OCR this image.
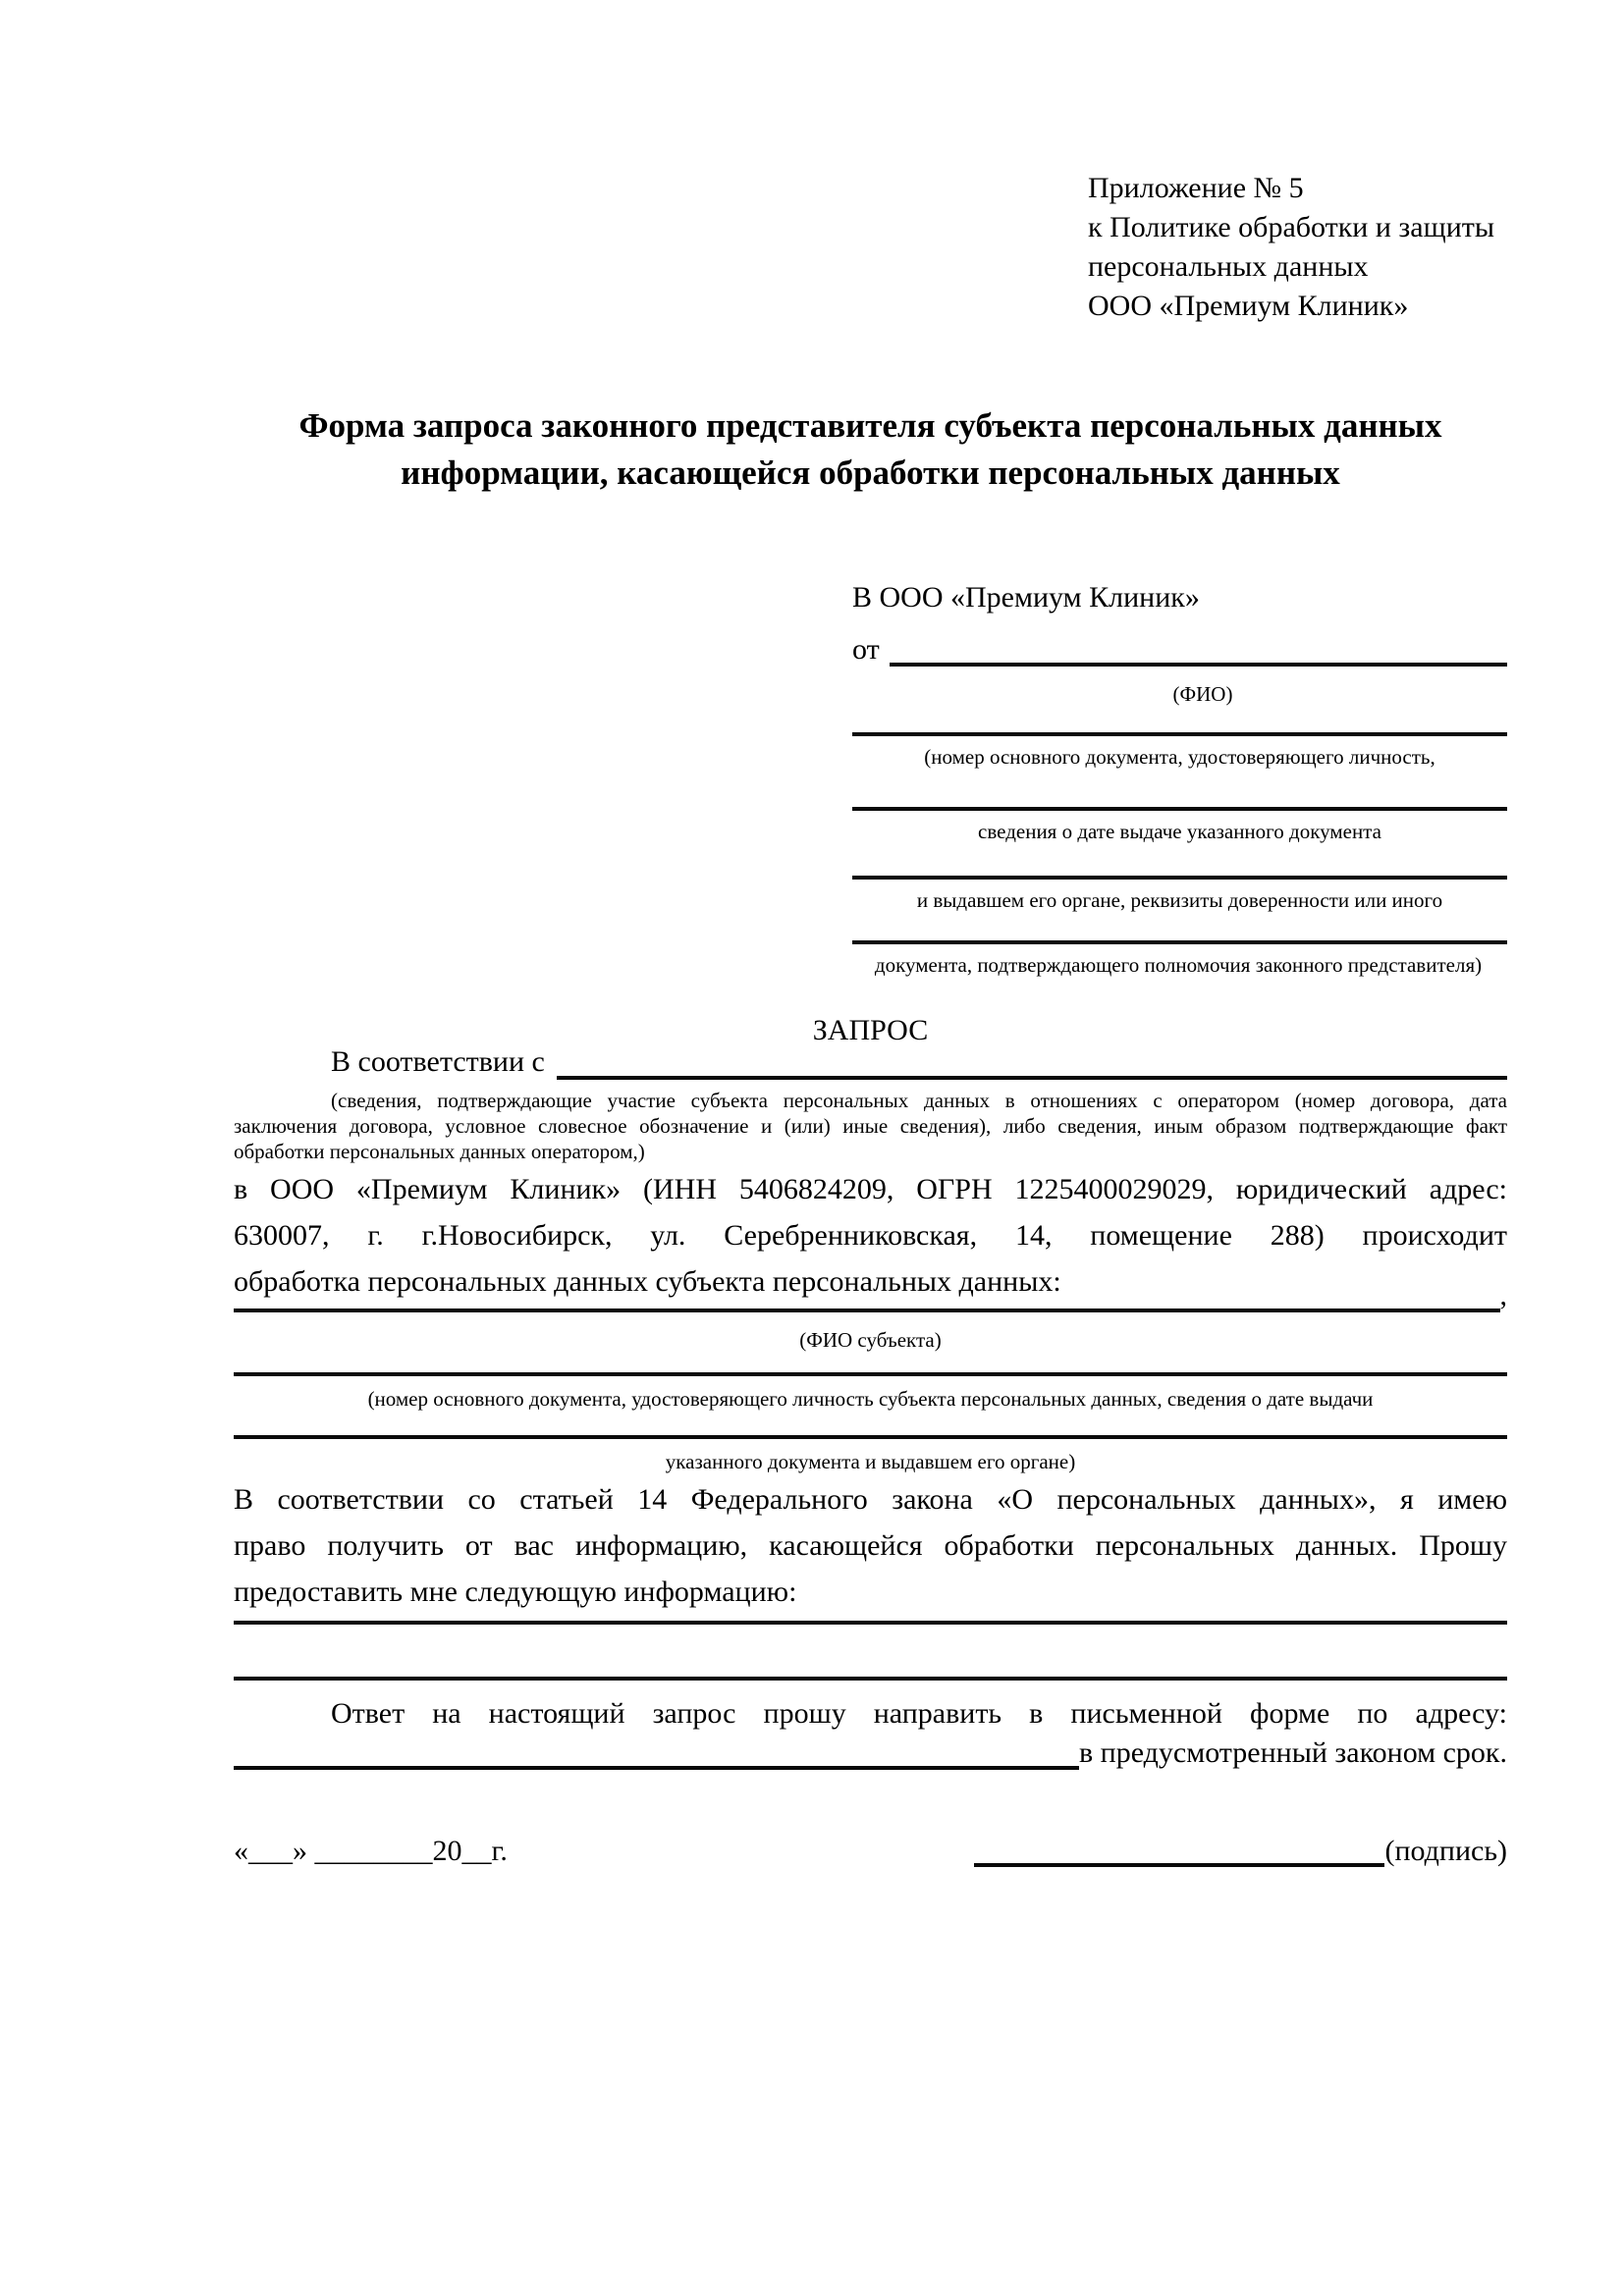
Приложение № 5
к Политике обработки и защиты
персональных данных
ООО «Премиум Клиник»
Форма запроса законного представителя субъекта персональных данных
информации, касающейся обработки персональных данных
В ООО «Премиум Клиник»
от
(ФИО)
(номер основного документа, удостоверяющего личность,
сведения о дате выдаче указанного документа
и выдавшем его органе, реквизиты доверенности или иного
документа, подтверждающего полномочия законного представителя)
ЗАПРОС
В соответствии с
(сведения, подтверждающие участие субъекта персональных данных в отношениях с оператором (номер договора, дата
заключения договора, условное словесное обозначение и (или) иные сведения), либо сведения, иным образом подтверждающие факт
обработки персональных данных оператором,)
в ООО «Премиум Клиник» (ИНН 5406824209, ОГРН 1225400029029, юридический адрес:
630007, г. г.Новосибирск, ул. Серебренниковская, 14, помещение 288) происходит
обработка персональных данных субъекта персональных данных:	,
(ФИО субъекта)
(номер основного документа, удостоверяющего личность субъекта персональных данных, сведения о дате выдачи
указанного документа и выдавшем его органе)
В соответствии со статьей 14 Федерального закона «О персональных данных», я имею
право получить от вас информацию, касающейся обработки персональных данных. Прошу
предоставить мне следующую информацию:
Ответ на настоящий запрос прошу направить в письменной форме по адресу:
в предусмотренный законом срок.
«___» ________20__г.	(подпись)
